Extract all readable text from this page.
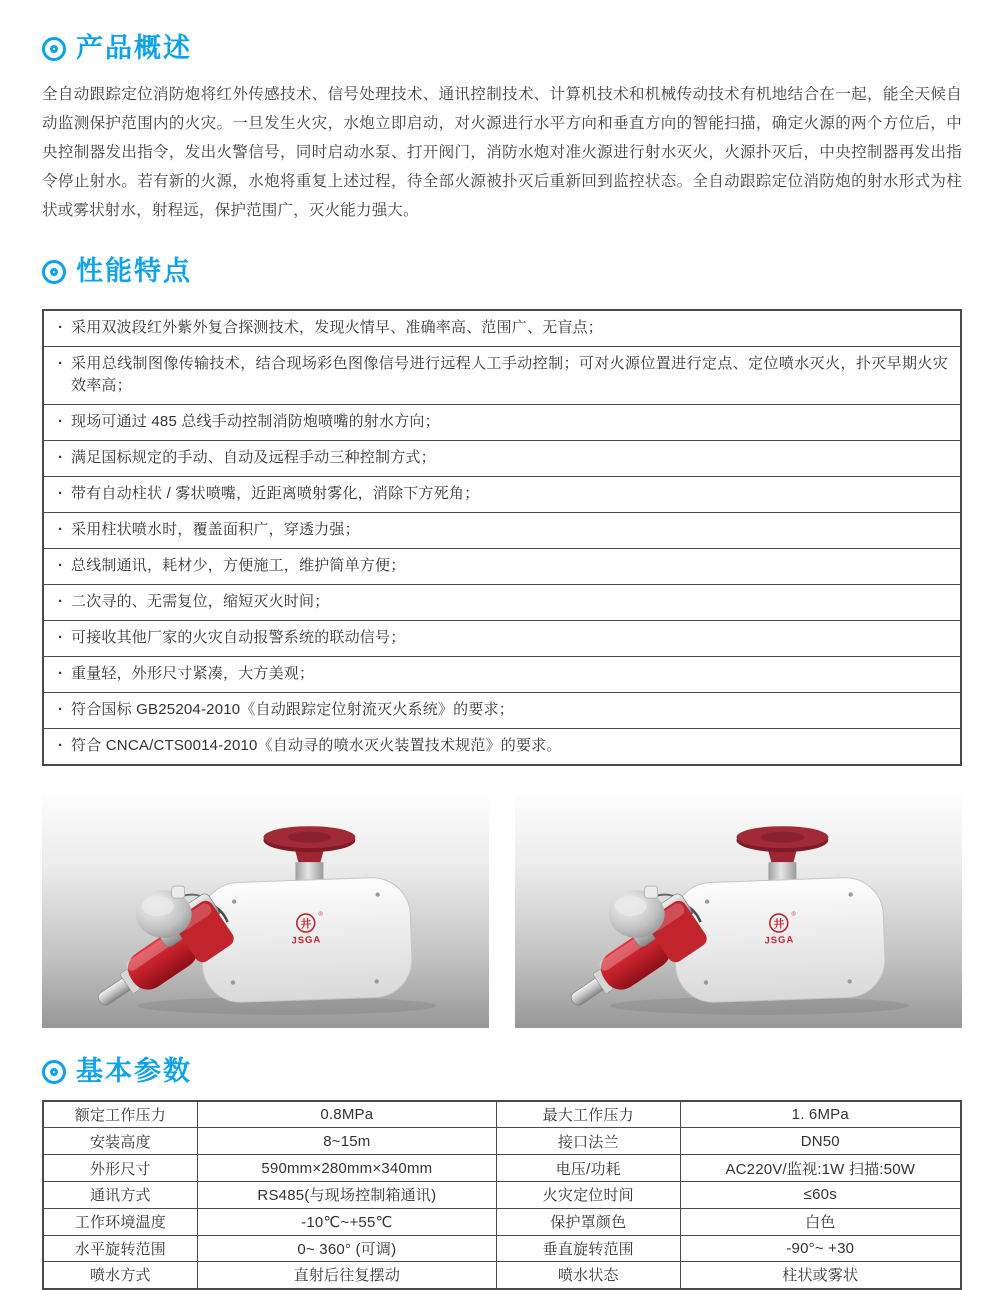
产品概述
全自动跟踪定位消防炮将红外传感技术、信号处理技术、通讯控制技术、计算机技术和机械传动技术有机地结合在一起，能全天候自动监测保护范围内的火灾。一旦发生火灾，水炮立即启动，对火源进行水平方向和垂直方向的智能扫描，确定火源的两个方位后，中央控制器发出指令，发出火警信号，同时启动水泵、打开阀门，消防水炮对准火源进行射水灭火，火源扑灭后，中央控制器再发出指令停止射水。若有新的火源，水炮将重复上述过程，待全部火源被扑灭后重新回到监控状态。全自动跟踪定位消防炮的射水形式为柱状或雾状射水，射程远，保护范围广，灭火能力强大。
性能特点
· 采用双波段红外紫外复合探测技术，发现火情早、准确率高、范围广、无盲点；
· 采用总线制图像传输技术，结合现场彩色图像信号进行远程人工手动控制；可对火源位置进行定点、定位喷水灭火，扑灭早期火灾效率高；
· 现场可通过 485 总线手动控制消防炮喷嘴的射水方向；
· 满足国标规定的手动、自动及远程手动三种控制方式；
· 带有自动柱状 / 雾状喷嘴，近距离喷射雾化，消除下方死角；
· 采用柱状喷水时，覆盖面积广，穿透力强；
· 总线制通讯，耗材少，方便施工，维护简单方便；
· 二次寻的、无需复位，缩短灭火时间；
· 可接收其他厂家的火灾自动报警系统的联动信号；
· 重量轻，外形尺寸紧凑，大方美观；
· 符合国标 GB25204-2010《自动跟踪定位射流灭火系统》的要求；
· 符合 CNCA/CTS0014-2010《自动寻的喷水灭火装置技术规范》的要求。
井
®
JSGA
井
®
JSGA
基本参数
额定工作压力	0.8MPa	最大工作压力	1. 6MPa
安装高度	8~15m	接口法兰	DN50
外形尺寸	590mm×280mm×340mm	电压/功耗	AC220V/监视:1W 扫描:50W
通讯方式	RS485(与现场控制箱通讯)	火灾定位时间	≤60s
工作环境温度	-10℃~+55℃	保护罩颜色	白色
水平旋转范围	0~ 360° (可调)	垂直旋转范围	-90°~ +30
喷水方式	直射后往复摆动	喷水状态	柱状或雾状
